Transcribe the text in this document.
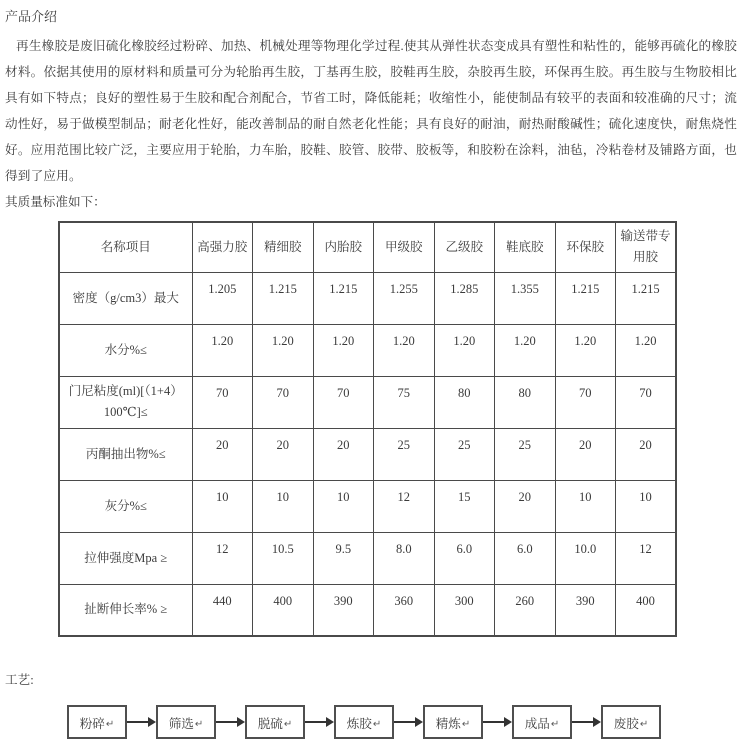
产品介绍

再生橡胶是废旧硫化橡胶经过粉碎、加热、机械处理等物理化学过程.使其从弹性状态变成具有塑性和粘性的，能够再硫化的橡胶材料。依据其使用的原材料和质量可分为轮胎再生胶，丁基再生胶，胶鞋再生胶，杂胶再生胶，环保再生胶。再生胶与生物胶相比具有如下特点；良好的塑性易于生胶和配合剂配合，节省工时，降低能耗；收缩性小，能使制品有较平的表面和较准确的尺寸；流动性好，易于做模型制品；耐老化性好，能改善制品的耐自然老化性能；具有良好的耐油，耐热耐酸碱性；硫化速度快，耐焦烧性好。应用范围比较广泛，主要应用于轮胎，力车胎，胶鞋、胶管、胶带、胶板等，和胶粉在涂料，油毡，冷粘卷材及铺路方面，也得到了应用。

其质量标准如下：
名称项目	高强力胶	精细胶	内胎胶	甲级胶	乙级胶	鞋底胶	环保胶	输送带专用胶
密度（g/cm3）最大	1.205	1.215	1.215	1.255	1.285	1.355	1.215	1.215
水分%≤	1.20	1.20	1.20	1.20	1.20	1.20	1.20	1.20
门尼粘度(ml)[（1+4）100℃]≤	70	70	70	75	80	80	70	70
丙酮抽出物%≤	20	20	20	25	25	25	20	20
灰分%≤	10	10	10	12	15	20	10	10
拉伸强度Mpa ≥	12	10.5	9.5	8.0	6.0	6.0	10.0	12
扯断伸长率% ≥	440	400	390	360	300	260	390	400
工艺:
粉碎 ↵	筛选 ↵	脱硫 ↵	炼胶 ↵	精炼 ↵	成品 ↵	废胶 ↵
